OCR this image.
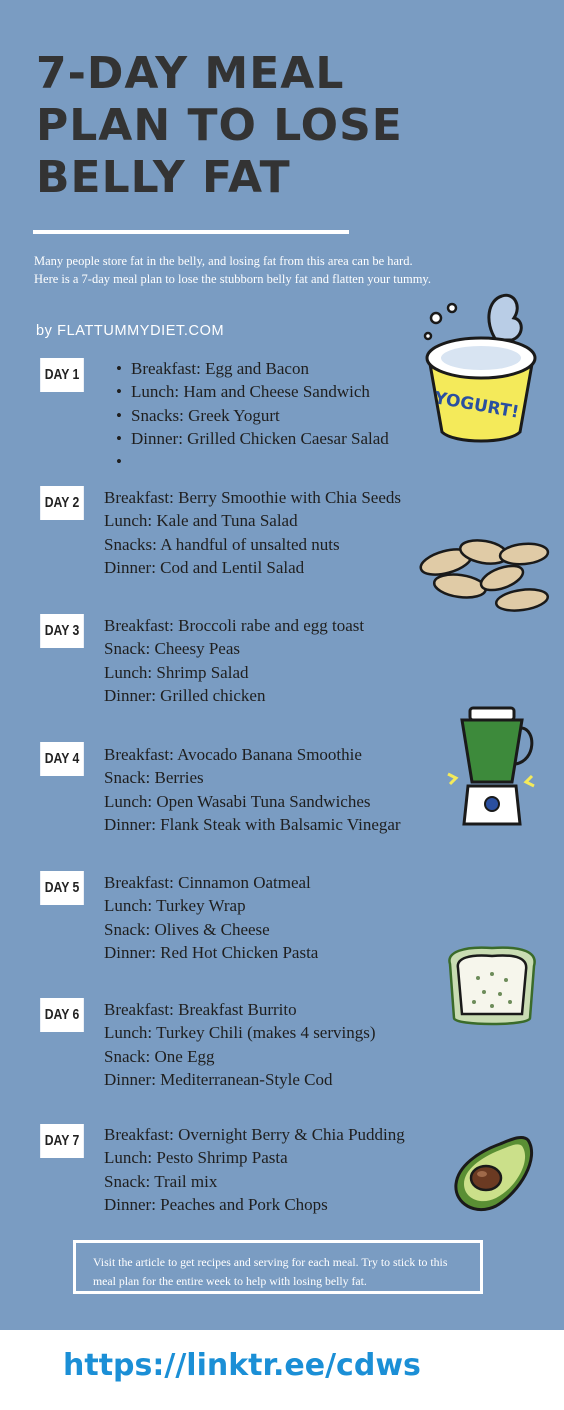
7-DAY MEAL PLAN TO LOSE BELLY FAT

Many people store fat in the belly, and losing fat from this area can be hard. Here is a 7-day meal plan to lose the stubborn belly fat and flatten your tummy.

by FLATTUMMYDIET.COM
DAY 1
•	Breakfast: Egg and Bacon
• Lunch: Ham and Cheese Sandwich
• Snacks: Greek Yogurt
• Dinner: Grilled Chicken Caesar Salad
•
DAY 2 Breakfast: Berry Smoothie with Chia Seeds
Lunch: Kale and Tuna Salad
Snacks: A handful of unsalted nuts
Dinner: Cod and Lentil Salad
DAY 3 Breakfast: Broccoli rabe and egg toast
Snack: Cheesy Peas
Lunch: Shrimp Salad
Dinner: Grilled chicken
DAY 4 Breakfast: Avocado Banana Smoothie
Snack: Berries
Lunch: Open Wasabi Tuna Sandwiches
Dinner: Flank Steak with Balsamic Vinegar
DAY 5 Breakfast: Cinnamon Oatmeal
Lunch: Turkey Wrap
Snack: Olives & Cheese
Dinner: Red Hot Chicken Pasta
DAY 6 Breakfast: Breakfast Burrito
Lunch: Turkey Chili (makes 4 servings)
Snack: One Egg
Dinner: Mediterranean-Style Cod
DAY 7 Breakfast: Overnight Berry & Chia Pudding
Lunch: Pesto Shrimp Pasta
Snack: Trail mix
Dinner: Peaches and Pork Chops
YOGURT!

Visit the article to get recipes and serving for each meal. Try to stick to this meal plan for the entire week to help with losing belly fat.

https://linktr.ee/cdws
